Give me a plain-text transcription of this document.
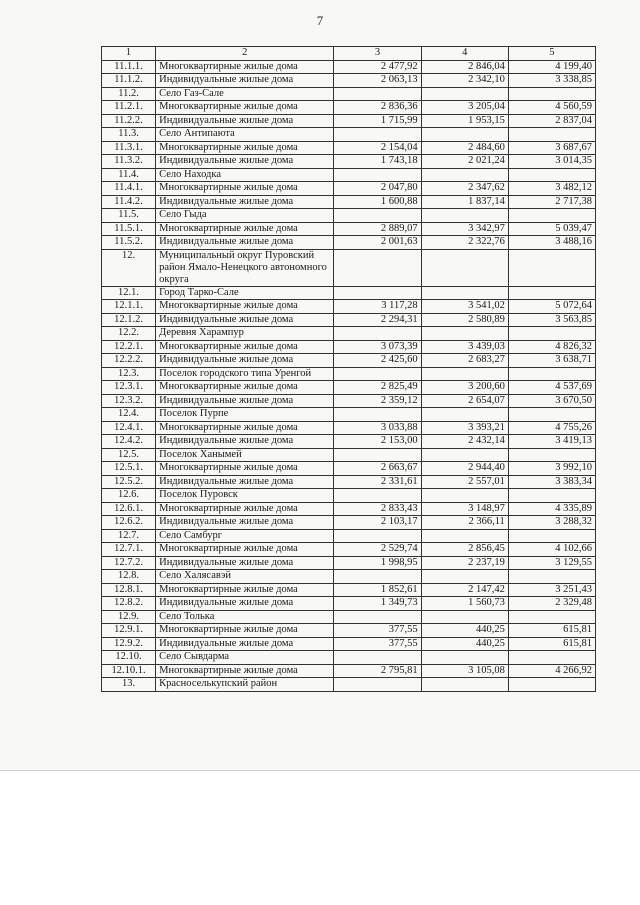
7
1	2	3	4	5
11.1.1.	Многоквартирные жилые дома	2 477,92	2 846,04	4 199,40
11.1.2.	Индивидуальные жилые дома	2 063,13	2 342,10	3 338,85
11.2.	Село Газ-Сале			
11.2.1.	Многоквартирные жилые дома	2 836,36	3 205,04	4 560,59
11.2.2.	Индивидуальные жилые дома	1 715,99	1 953,15	2 837,04
11.3.	Село Антипаюта			
11.3.1.	Многоквартирные жилые дома	2 154,04	2 484,60	3 687,67
11.3.2.	Индивидуальные жилые дома	1 743,18	2 021,24	3 014,35
11.4.	Село Находка			
11.4.1.	Многоквартирные жилые дома	2 047,80	2 347,62	3 482,12
11.4.2.	Индивидуальные жилые дома	1 600,88	1 837,14	2 717,38
11.5.	Село Гыда			
11.5.1.	Многоквартирные жилые дома	2 889,07	3 342,97	5 039,47
11.5.2.	Индивидуальные жилые дома	2 001,63	2 322,76	3 488,16
12.	Муниципальный округ Пуровский район Ямало-Ненецкого автономного округа			
12.1.	Город Тарко-Сале			
12.1.1.	Многоквартирные жилые дома	3 117,28	3 541,02	5 072,64
12.1.2.	Индивидуальные жилые дома	2 294,31	2 580,89	3 563,85
12.2.	Деревня Харампур			
12.2.1.	Многоквартирные жилые дома	3 073,39	3 439,03	4 826,32
12.2.2.	Индивидуальные жилые дома	2 425,60	2 683,27	3 638,71
12.3.	Поселок городского типа Уренгой			
12.3.1.	Многоквартирные жилые дома	2 825,49	3 200,60	4 537,69
12.3.2.	Индивидуальные жилые дома	2 359,12	2 654,07	3 670,50
12.4.	Поселок Пурпе			
12.4.1.	Многоквартирные жилые дома	3 033,88	3 393,21	4 755,26
12.4.2.	Индивидуальные жилые дома	2 153,00	2 432,14	3 419,13
12.5.	Поселок Ханымей			
12.5.1.	Многоквартирные жилые дома	2 663,67	2 944,40	3 992,10
12.5.2.	Индивидуальные жилые дома	2 331,61	2 557,01	3 383,34
12.6.	Поселок Пуровск			
12.6.1.	Многоквартирные жилые дома	2 833,43	3 148,97	4 335,89
12.6.2.	Индивидуальные жилые дома	2 103,17	2 366,11	3 288,32
12.7.	Село Самбург			
12.7.1.	Многоквартирные жилые дома	2 529,74	2 856,45	4 102,66
12.7.2.	Индивидуальные жилые дома	1 998,95	2 237,19	3 129,55
12.8.	Село Халясавэй			
12.8.1.	Многоквартирные жилые дома	1 852,61	2 147,42	3 251,43
12.8.2.	Индивидуальные жилые дома	1 349,73	1 560,73	2 329,48
12.9.	Село Толька			
12.9.1.	Многоквартирные жилые дома	377,55	440,25	615,81
12.9.2.	Индивидуальные жилые дома	377,55	440,25	615,81
12.10.	Село Сывдарма			
12.10.1.	Многоквартирные жилые дома	2 795,81	3 105,08	4 266,92
13.	Красноселькупский район			
